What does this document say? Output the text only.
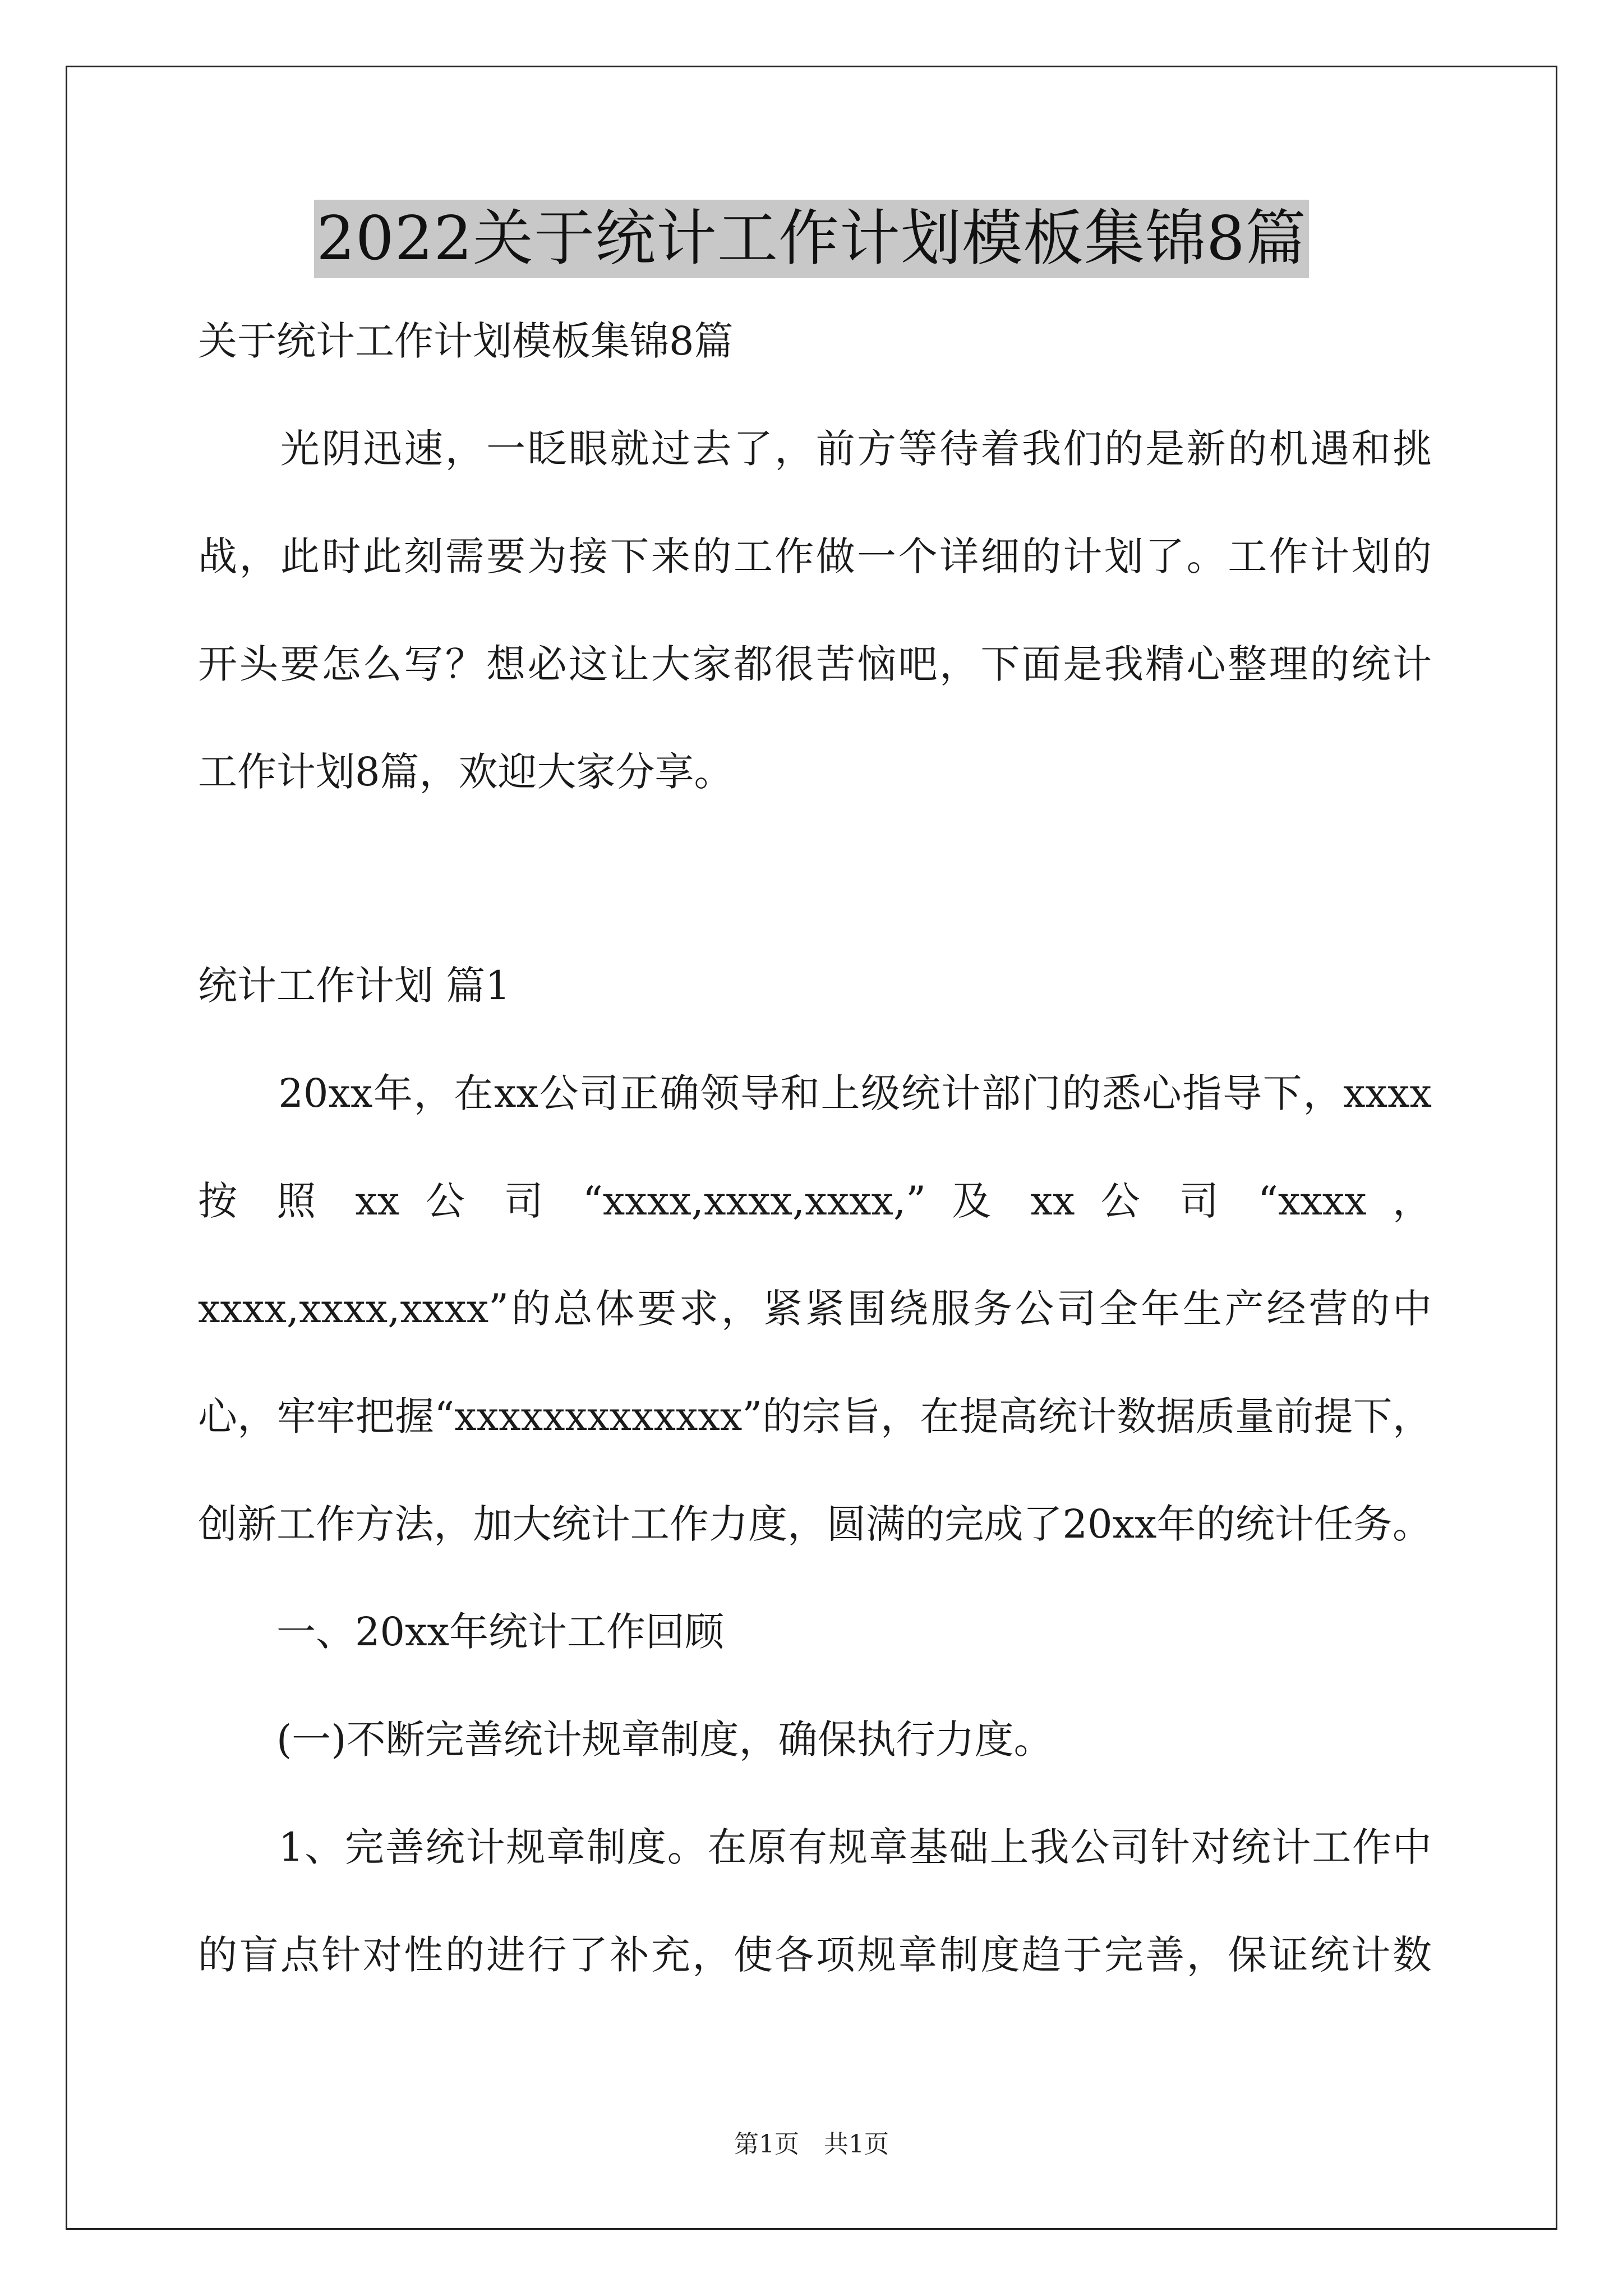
2022关于统计工作计划模板集锦8篇
关于统计工作计划模板集锦8篇
　　光阴迅速，一眨眼就过去了，前方等待着我们的是新的机遇和挑
战，此时此刻需要为接下来的工作做一个详细的计划了。工作计划的
开头要怎么写？想必这让大家都很苦恼吧，下面是我精心整理的统计
工作计划8篇，欢迎大家分享。
统计工作计划 篇1
　　20xx年，在xx公司正确领导和上级统计部门的悉心指导下，xxxx
按 照 xx 公 司 “xxxx,xxxx,xxxx,” 及 xx 公 司 “xxxx ，
xxxx,xxxx,xxxx”的总体要求，紧紧围绕服务公司全年生产经营的中
心，牢牢把握“xxxxxxxxxxxxx”的宗旨，在提高统计数据质量前提下，
创新工作方法，加大统计工作力度，圆满的完成了20xx年的统计任务。
　　一、20xx年统计工作回顾
　　(一)不断完善统计规章制度，确保执行力度。
　　1、完善统计规章制度。在原有规章基础上我公司针对统计工作中
的盲点针对性的进行了补充，使各项规章制度趋于完善，保证统计数
第1页　共1页
